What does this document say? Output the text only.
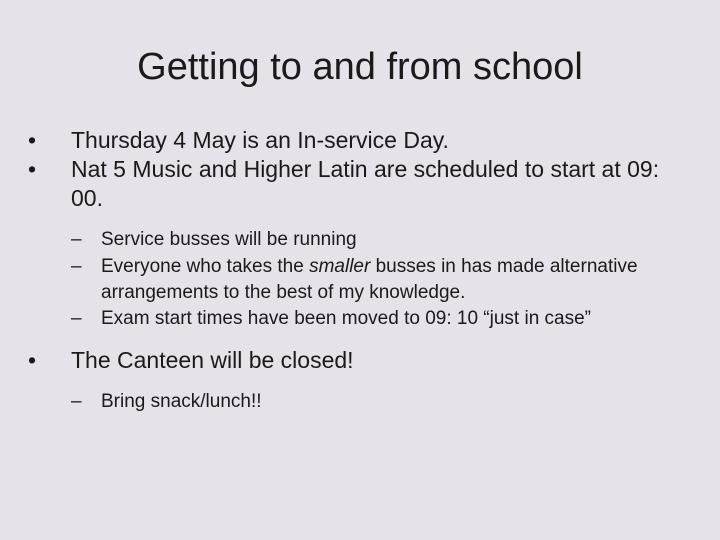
Getting to and from school
•	Thursday 4 May is an In-service Day.
•	Nat 5 Music and Higher Latin are scheduled to start at 09: 00.
–	Service busses will be running
–	Everyone who takes the smaller busses in has made alternative arrangements to the best of my knowledge.
–	Exam start times have been moved to 09: 10 “just in case”
•	The Canteen will be closed!
–	Bring snack/lunch!!
